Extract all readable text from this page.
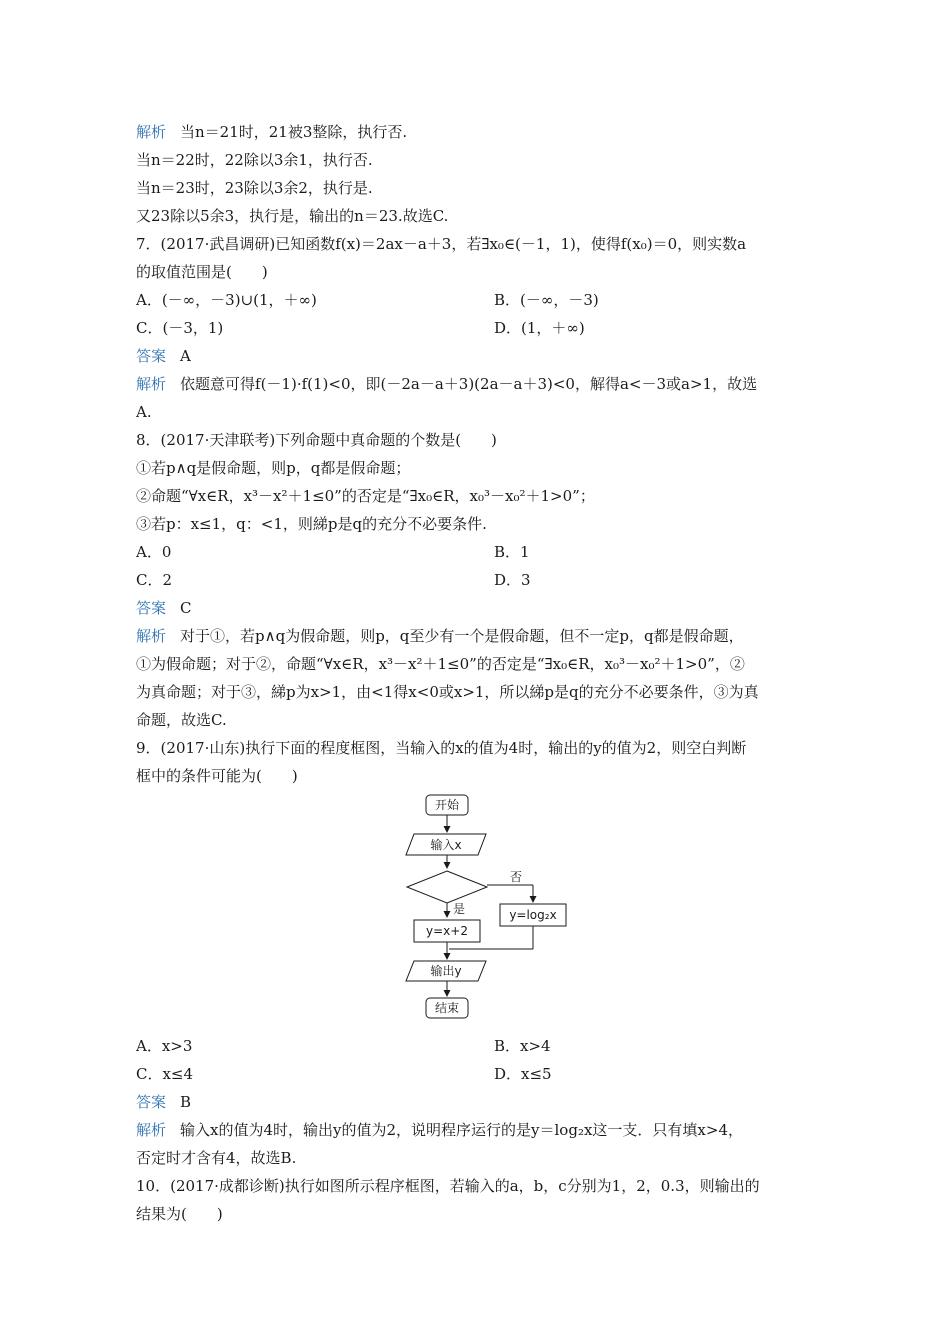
解析 当n＝21时，21被3整除，执行否.
当n＝22时，22除以3余1，执行否.
当n＝23时，23除以3余2，执行是.
又23除以5余3，执行是，输出的n＝23.故选C.
7．(2017·武昌调研)已知函数f(x)＝2ax－a＋3，若∃x₀∈(－1，1)，使得f(x₀)＝0，则实数a
的取值范围是(　　)
A．(－∞，－3)∪(1，＋∞)	B．(－∞，－3)
C．(－3，1)	D．(1，＋∞)
答案 A
解析 依题意可得f(－1)·f(1)<0，即(－2a－a＋3)(2a－a＋3)<0，解得a<－3或a>1，故选
A.
8．(2017·天津联考)下列命题中真命题的个数是(　　)
①若p∧q是假命题，则p，q都是假命题；
②命题“∀x∈R，x³－x²＋1≤0”的否定是“∃x₀∈R，x₀³－x₀²＋1>0”；
③若p：x≤1，q：<1，则綈p是q的充分不必要条件.
A．0	B．1
C．2	D．3
答案 C
解析 对于①，若p∧q为假命题，则p，q至少有一个是假命题，但不一定p，q都是假命题，
①为假命题；对于②，命题“∀x∈R，x³－x²＋1≤0”的否定是“∃x₀∈R，x₀³－x₀²＋1>0”，②
为真命题；对于③，綈p为x>1，由<1得x<0或x>1，所以綈p是q的充分不必要条件，③为真
命题，故选C.
9．(2017·山东)执行下面的程度框图，当输入的x的值为4时，输出的y的值为2，则空白判断
框中的条件可能为(　　)
A．x>3	B．x>4
C．x≤4	D．x≤5
答案 B
解析 输入x的值为4时，输出y的值为2，说明程序运行的是y＝log₂x这一支．只有填x>4，
否定时才含有4，故选B.
10．(2017·成都诊断)执行如图所示程序框图，若输入的a，b，c分别为1，2，0.3，则输出的
结果为(　　)
开始
输入x
否
是	y=log₂x
y=x+2
输出y
结束
